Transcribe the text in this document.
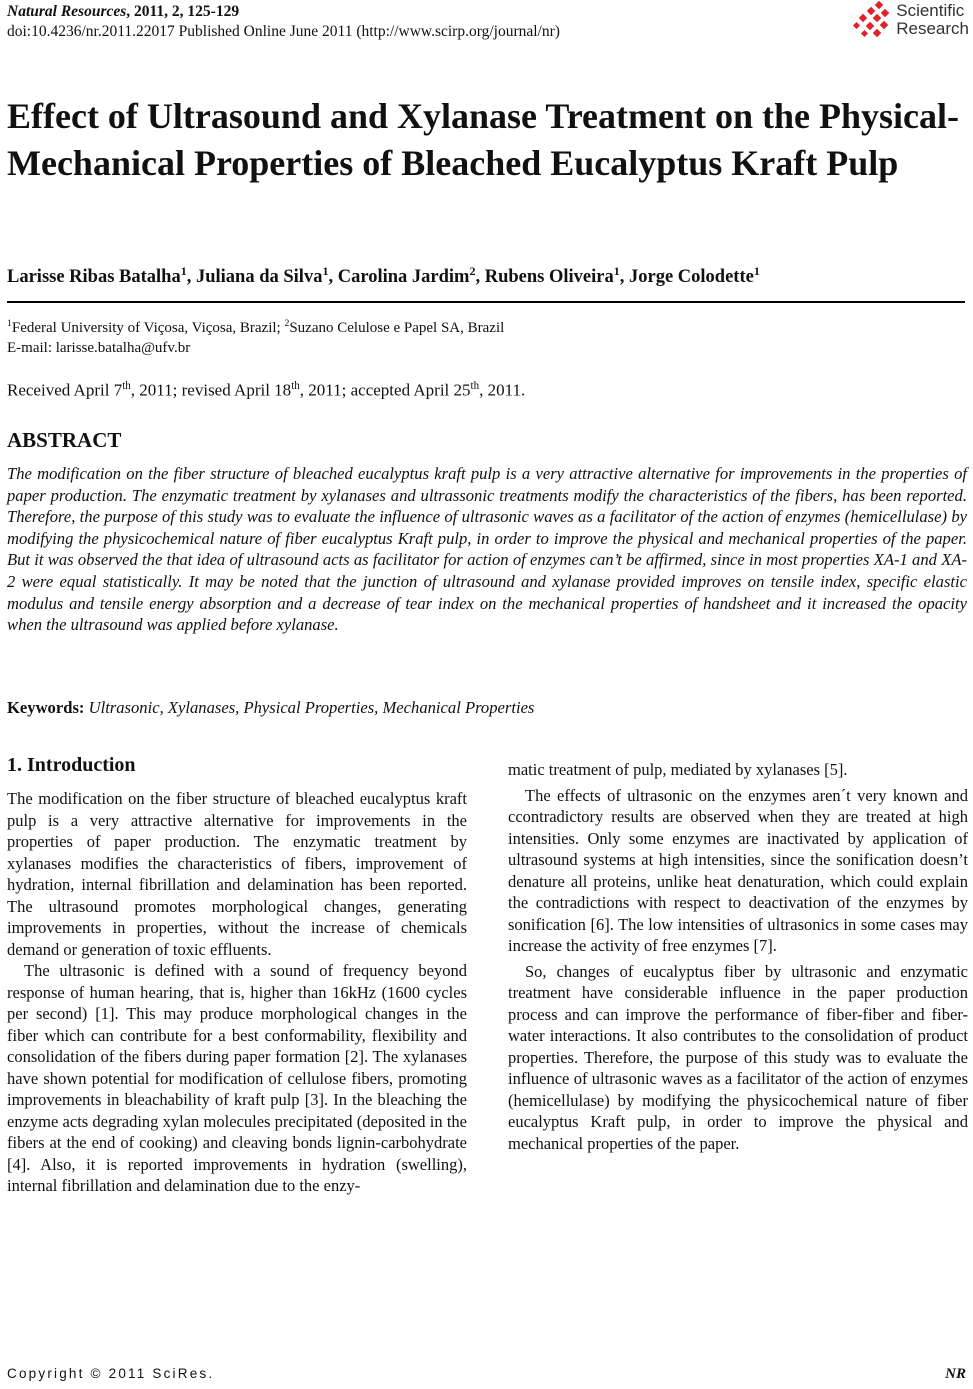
Natural Resources, 2011, 2, 125-129
doi:10.4236/nr.2011.22017 Published Online June 2011 (http://www.scirp.org/journal/nr)
Scientific
Research
Effect of Ultrasound and Xylanase Treatment on the Physical-Mechanical Properties of Bleached Eucalyptus Kraft Pulp
Larisse Ribas Batalha$^1$, Juliana da Silva$^1$, Carolina Jardim$^2$, Rubens Oliveira$^1$, Jorge Colodette$^1$
$^1$Federal University of Viçosa, Viçosa, Brazil; $^2$Suzano Celulose e Papel SA, Brazil
E-mail: larisse.batalha@ufv.br
Received April 7th, 2011; revised April 18th, 2011; accepted April 25th, 2011.
ABSTRACT

The modification on the fiber structure of bleached eucalyptus kraft pulp is a very attractive alternative for improvements in the properties of paper production. The enzymatic treatment by xylanases and ultrassonic treatments modify the characteristics of the fibers, has been reported. Therefore, the purpose of this study was to evaluate the influence of ultrasonic waves as a facilitator of the action of enzymes (hemicellulase) by modifying the physicochemical nature of fiber eucalyptus Kraft pulp, in order to improve the physical and mechanical properties of the paper. But it was observed the that idea of ultrasound acts as facilitator for action of enzymes can’t be affirmed, since in most properties XA-1 and XA-2 were equal statistically. It may be noted that the junction of ultrasound and xylanase provided improves on tensile index, specific elastic modulus and tensile energy absorption and a decrease of tear index on the mechanical properties of handsheet and it increased the opacity when the ultrasound was applied before xylanase.

Keywords: Ultrasonic, Xylanases, Physical Properties, Mechanical Properties
1. Introduction

The modification on the fiber structure of bleached eucalyptus kraft pulp is a very attractive alternative for improvements in the properties of paper production. The enzymatic treatment by xylanases modifies the characteristics of fibers, improvement of hydration, internal fibrillation and delamination has been reported. The ultrasound promotes morphological changes, generating improvements in properties, without the increase of chemicals demand or generation of toxic effluents.

The ultrasonic is defined with a sound of frequency beyond response of human hearing, that is, higher than 16kHz (1600 cycles per second) [1]. This may produce morphological changes in the fiber which can contribute for a best conformability, flexibility and consolidation of the fibers during paper formation [2]. The xylanases have shown potential for modification of cellulose fibers, promoting improvements in bleachability of kraft pulp [3]. In the bleaching the enzyme acts degrading xylan molecules precipitated (deposited in the fibers at the end of cooking) and cleaving bonds lignin-carbohydrate [4]. Also, it is reported improvements in hydration (swelling), internal fibrillation and delamination due to the enzy-

matic treatment of pulp, mediated by xylanases [5].

The effects of ultrasonic on the enzymes aren´t very known and ccontradictory results are observed when they are treated at high intensities. Only some enzymes are inactivated by application of ultrasound systems at high intensities, since the sonification doesn’t denature all proteins, unlike heat denaturation, which could explain the contradictions with respect to deactivation of the enzymes by sonification [6]. The low intensities of ultrasonics in some cases may increase the activity of free enzymes [7].

So, changes of eucalyptus fiber by ultrasonic and enzymatic treatment have considerable influence in the paper production process and can improve the performance of fiber-fiber and fiber-water interactions. It also contributes to the consolidation of product properties. Therefore, the purpose of this study was to evaluate the influence of ultrasonic waves as a facilitator of the action of enzymes (hemicellulase) by modifying the physicochemical nature of fiber eucalyptus Kraft pulp, in order to improve the physical and mechanical properties of the paper.

Copyright © 2011 SciRes.	NR
